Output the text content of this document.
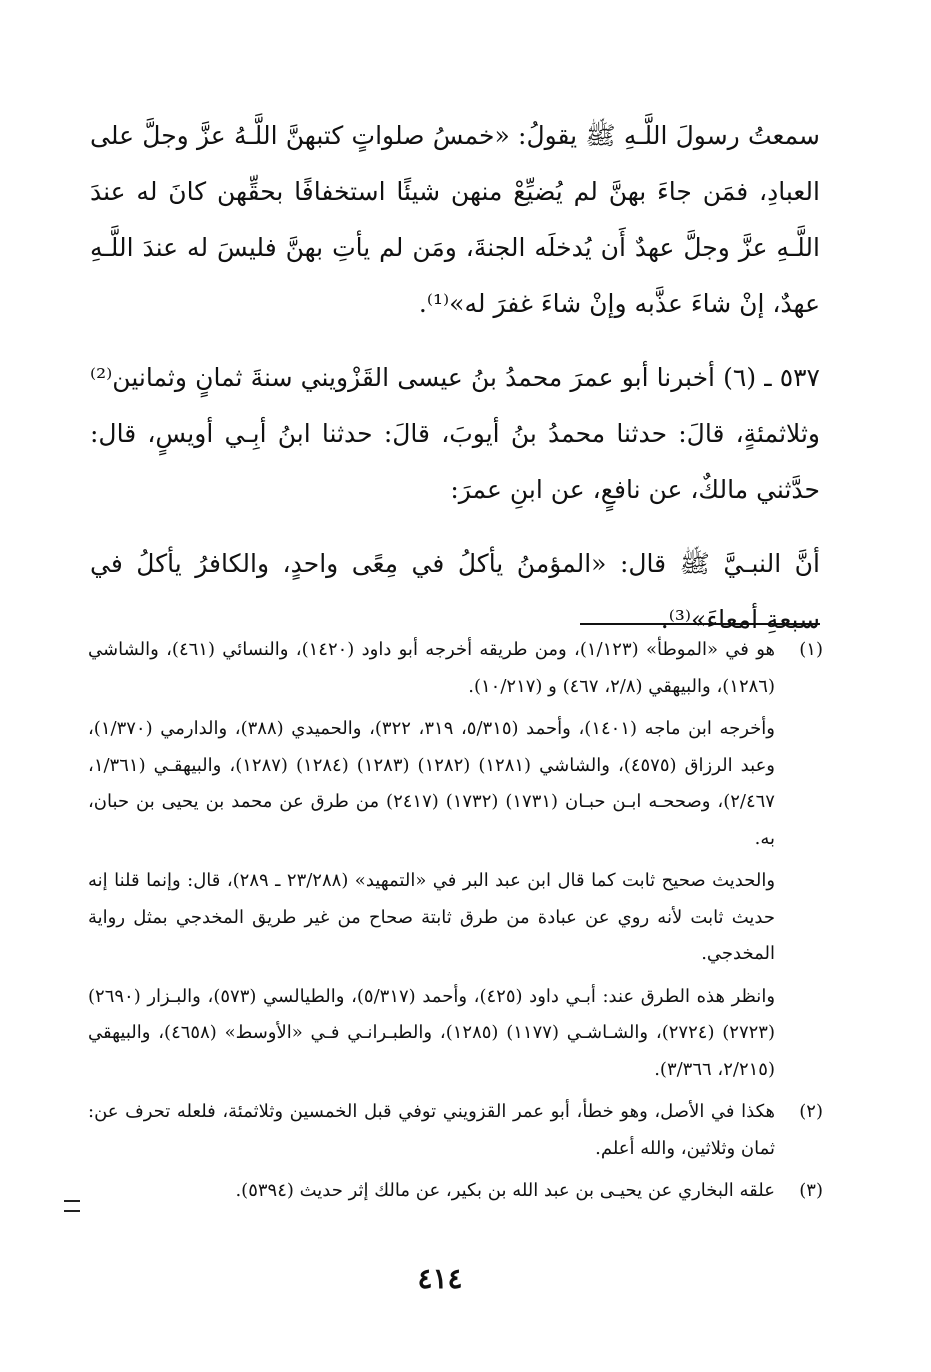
سمعتُ رسولَ اللَّـهِ ﷺ يقولُ: «خمسُ صلواتٍ كتبهنَّ اللَّـهُ عزَّ وجلَّ على العبادِ، فمَن جاءَ بهنَّ لم يُضيِّعْ منهن شيئًا استخفافًا بحقِّهن كانَ له عندَ اللَّـهِ عزَّ وجلَّ عهدٌ أَن يُدخلَه الجنةَ، ومَن لم يأتِ بهنَّ فليسَ له عندَ اللَّـهِ عهدٌ، إنْ شاءَ عذَّبه وإنْ شاءَ غفرَ له»⁽¹⁾.

٥٣٧ ـ (٦) أخبرنا أبو عمرَ محمدُ بنُ عيسى القَزْويني سنةَ ثمانٍ وثمانين⁽²⁾ وثلاثمئةٍ، قالَ: حدثنا محمدُ بنُ أيوبَ، قالَ: حدثنا ابنُ أبِـي أويسٍ، قال: حدَّثني مالكٌ، عن نافعٍ، عن ابنِ عمرَ:

أنَّ النبـيَّ ﷺ قال: «المؤمنُ يأكلُ في مِعًى واحدٍ، والكافرُ يأكلُ في سبعةِ أمعاءَ»⁽³⁾.

(١)

هو في «الموطأ» (١/١٢٣)، ومن طريقه أخرجه أبو داود (١٤٢٠)، والنسائي (٤٦١)، والشاشي (١٢٨٦)، والبيهقي (٢/٨، ٤٦٧) و (١٠/٢١٧).

وأخرجه ابن ماجه (١٤٠١)، وأحمد (٥/٣١٥، ٣١٩، ٣٢٢)، والحميدي (٣٨٨)، والدارمي (١/٣٧٠)، وعبد الرزاق (٤٥٧٥)، والشاشي (١٢٨١) (١٢٨٢) (١٢٨٣) (١٢٨٤) (١٢٨٧)، والبيهقـي (١/٣٦١، ٢/٤٦٧)، وصححـه ابـن حبـان (١٧٣١) (١٧٣٢) (٢٤١٧) من طرق عن محمد بن يحيى بن حبان، به.

والحديث صحيح ثابت كما قال ابن عبد البر في «التمهيد» (٢٣/٢٨٨ ـ ٢٨٩)، قال: وإنما قلنا إنه حديث ثابت لأنه روي عن عبادة من طرق ثابتة صحاح من غير طريق المخدجي بمثل رواية المخدجي.

وانظر هذه الطرق عند: أبـي داود (٤٢٥)، وأحمد (٥/٣١٧)، والطيالسي (٥٧٣)، والبـزار (٢٦٩٠) (٢٧٢٣) (٢٧٢٤)، والشـاشـي (١١٧٧) (١٢٨٥)، والطبـرانـي فـي «الأوسط» (٤٦٥٨)، والبيهقي (٢/٢١٥، ٣/٣٦٦).

(٢)

هكذا في الأصل، وهو خطأ، أبو عمر القزويني توفي قبل الخمسين وثلاثمئة، فلعله تحرف عن: ثمان وثلاثين، والله أعلم.

(٣)

علقه البخاري عن يحيـى بن عبد الله بن بكير، عن مالك إثر حديث (٥٣٩٤).

٤١٤
